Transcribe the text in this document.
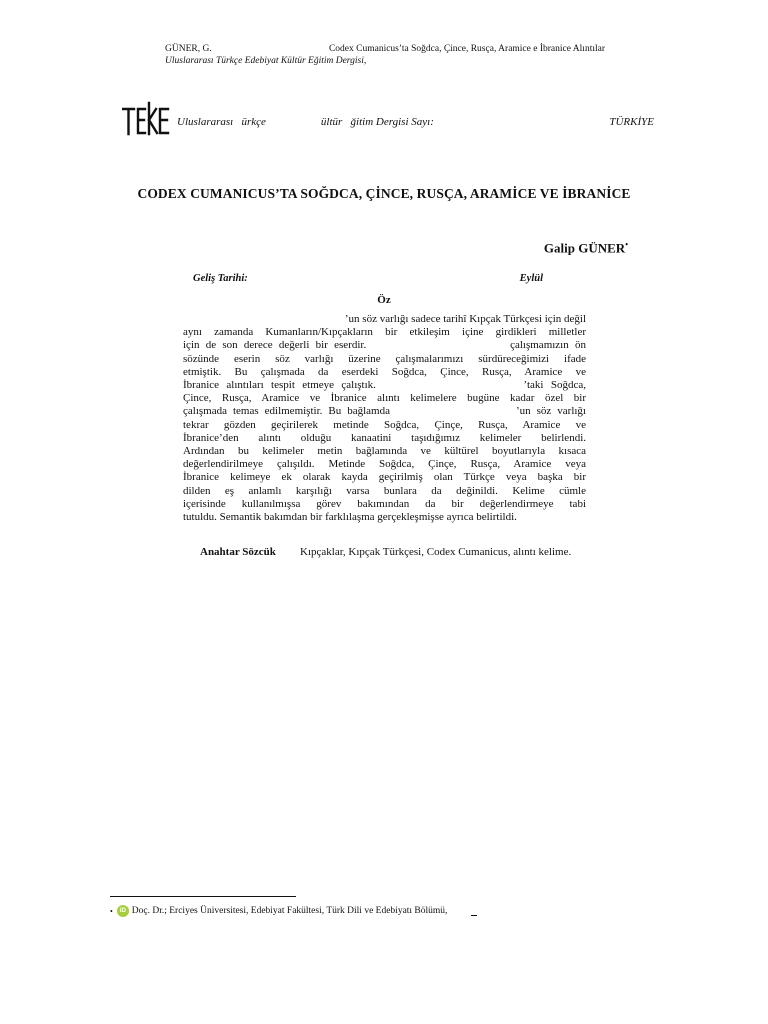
GÜNER, G.	Codex Cumanicus’ta Soğdca, Çince, Rusça, Aramice e İbranice Alıntılar
Uluslararası Türkçe Edebiyat Kültür Eğitim Dergisi,
Uluslararası   ürkçe                    ültür   ğitim Dergisi Sayı:	TÜRKİYE
CODEX CUMANICUS’TA SOĞDCA, ÇİNCE, RUSÇA, ARAMİCE VE İBRANİCE
Galip GÜNER•
Geliş Tarihi:	Eylül
Öz
’un söz varlığı sadece tarihî Kıpçak Türkçesi için değil
aynı zamanda Kumanların/Kıpçakların bir etkileşim içine girdikleri milletler
için de son derece değerli bir eserdir.                       çalışmamızın ön
sözünde eserin söz varlığı üzerine çalışmalarımızı sürdüreceğimizi ifade
etmiştik. Bu çalışmada da eserdeki Soğdca, Çince, Rusça, Aramice ve
İbranice alıntıları tespit etmeye çalıştık.                    ’taki Soğdca,
Çince, Rusça, Aramice ve İbranice alıntı kelimelere bugüne kadar özel bir
çalışmada temas edilmemiştir. Bu bağlamda                     ’un söz varlığı
tekrar gözden geçirilerek metinde Soğdca, Çinçe, Rusça, Aramice ve
İbranice’den alıntı olduğu kanaatini taşıdığımız kelimeler belirlendi.
Ardından bu kelimeler metin bağlamında ve kültürel boyutlarıyla kısaca
değerlendirilmeye çalışıldı. Metinde Soğdca, Çinçe, Rusça, Aramice veya
İbranice kelimeye ek olarak kayda geçirilmiş olan Türkçe veya başka bir
dilden eş anlamlı karşılığı varsa bunlara da değinildi. Kelime cümle
içerisinde kullanılmışsa görev bakımından da bir değerlendirmeye tabi
tutuldu. Semantik bakımdan bir farklılaşma gerçekleşmişse ayrıca belirtildi.
Anahtar Sözcük Kıpçaklar, Kıpçak Türkçesi, Codex Cumanicus, alıntı kelime.
•	iD Doç. Dr.; Erciyes Üniversitesi, Edebiyat Fakültesi, Türk Dili ve Edebiyatı Bölümü,
